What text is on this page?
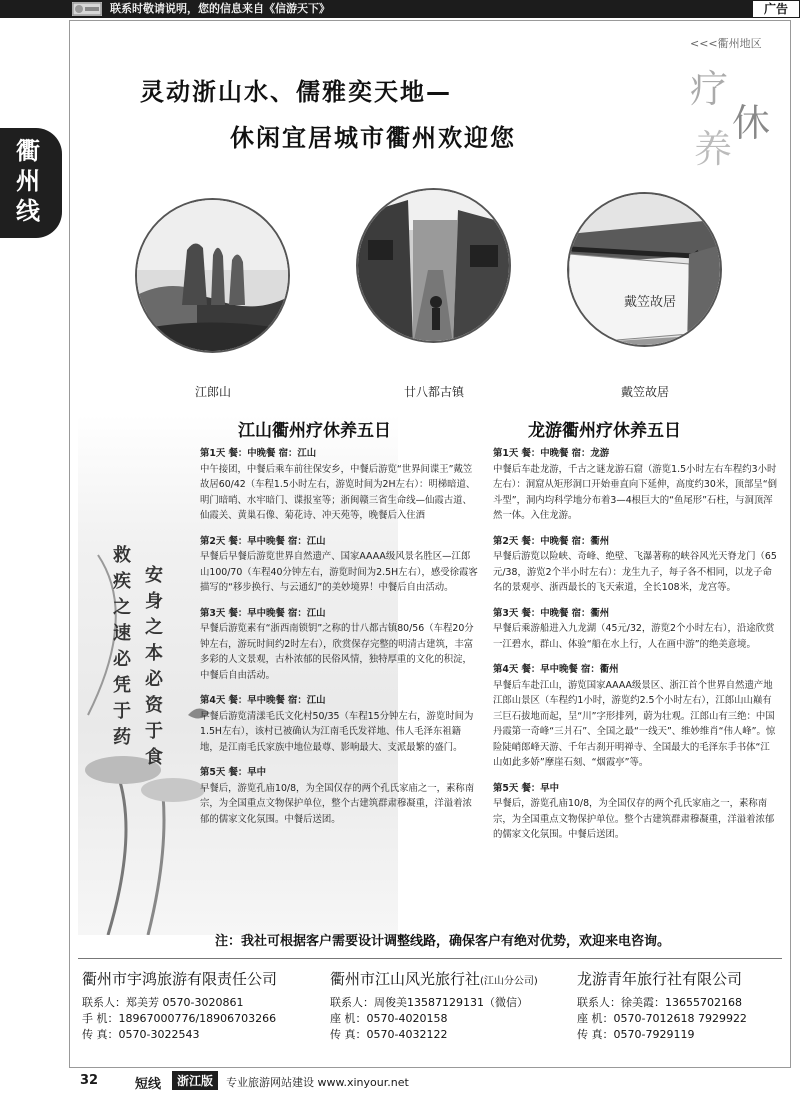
联系时敬请说明，您的信息来自《信游天下》	广告
衢
州
线
<<<衢州地区
疗
休
养
灵动浙山水、儒雅奕天地—
休闲宜居城市衢州欢迎您
戴笠故居
江郎山	廿八都古镇	戴笠故居
救疾之速必凭于药
安身之本必资于食
江山衢州疗休养五日
第1天 餐：中晚餐 宿：江山
中午接团，中餐后乘车前往保安乡，中餐后游览“世界间谍王”戴笠故居60/42（车程1.5小时左右，游览时间为2H左右）：明梯暗道、明门暗哨、水牢暗门、谍报室等；浙闽赣三省生命线—仙霞古道、仙霞关、黄巢石像、菊花诗、冲天苑等，晚餐后入住酒
第2天 餐：早中晚餐 宿：江山
早餐后早餐后游览世界自然遗产、国家AAAA级风景名胜区—江郎山100/70（车程40分钟左右，游览时间为2.5H左右），感受徐霞客描写的“移步换行、与云通幻”的美妙境界！中餐后自由活动。
第3天 餐：早中晚餐 宿：江山
早餐后游览素有“浙西南锁钥”之称的廿八都古镇80/56（车程20分钟左右，游玩时间约2时左右），欣赏保存完整的明清古建筑，丰富多彩的人文景观，古朴浓郁的民俗风情，独特厚重的文化的积淀，中餐后自由活动。
第4天 餐：早中晚餐 宿：江山
早餐后游览清漾毛氏文化村50/35（车程15分钟左右，游览时间为1.5H左右），该村已被确认为江南毛氏发祥地、伟人毛泽东祖籍地，是江南毛氏家族中地位最尊、影响最大、支派最繁的盛门。
第5天 餐：早中
早餐后，游览孔庙10/8，为全国仅存的两个孔氏家庙之一，素称南宗，为全国重点文物保护单位，整个古建筑群肃穆凝重，洋溢着浓郁的儒家文化氛围。中餐后送团。
龙游衢州疗休养五日
第1天 餐：中晚餐 宿：龙游
中餐后车赴龙游，千古之谜龙游石窟（游览1.5小时左右车程约3小时左右）：洞窟从矩形洞口开始垂直向下延伸，高度约30米，顶部呈“倒斗型”，洞内均科学地分布着3—4根巨大的“鱼尾形”石柱，与洞顶浑然一体。入住龙游。
第2天 餐：中晚餐 宿：衢州
早餐后游览以险峡、奇峰、绝壁、飞瀑著称的峡谷风光天脊龙门（65元/38，游览2个半小时左右）：龙生九子，每子各不相同，以龙子命名的景观亭、浙西最长的飞天索道，全长108米，龙宫等。
第3天 餐：中晚餐 宿：衢州
早餐后乘游船进入九龙湖（45元/32，游览2个小时左右），沿途欣赏一江碧水，群山、体验“船在水上行，人在画中游”的绝美意境。
第4天 餐：早中晚餐 宿：衢州
早餐后车赴江山，游览国家AAAA级景区、浙江首个世界自然遗产地江郎山景区（车程约1小时，游览约2.5个小时左右），江郎山山巅有三巨石拔地而起，呈“川”字形排列，蔚为壮观。江郎山有三绝：中国丹霞第一奇峰“三爿石”、全国之最“一线天”、维妙维肖“伟人峰”。惊险陡峭郎峰天游、千年古刹开明禅寺、全国最大的毛泽东手书体“江山如此多娇”摩崖石刻、“烟霞亭”等。
第5天 餐：早中
早餐后，游览孔庙10/8，为全国仅存的两个孔氏家庙之一，素称南宗，为全国重点文物保护单位。整个古建筑群肃穆凝重，洋溢着浓郁的儒家文化氛围。中餐后送团。
注：我社可根据客户需要设计调整线路，确保客户有绝对优势，欢迎来电咨询。
衢州市宇鸿旅游有限责任公司
联系人：郑美芳 0570-3020861
手 机：18967000776/18906703266
传 真：0570-3022543
衢州市江山风光旅行社(江山分公司)
联系人：周俊美13587129131（微信）
座 机：0570-4020158
传 真：0570-4032122
龙游青年旅行社有限公司
联系人：徐美霞：13655702168
座 机：0570-7012618 7929922
传 真：0570-7929119
32	短线	浙江版	专业旅游网站建设 www.xinyour.net
